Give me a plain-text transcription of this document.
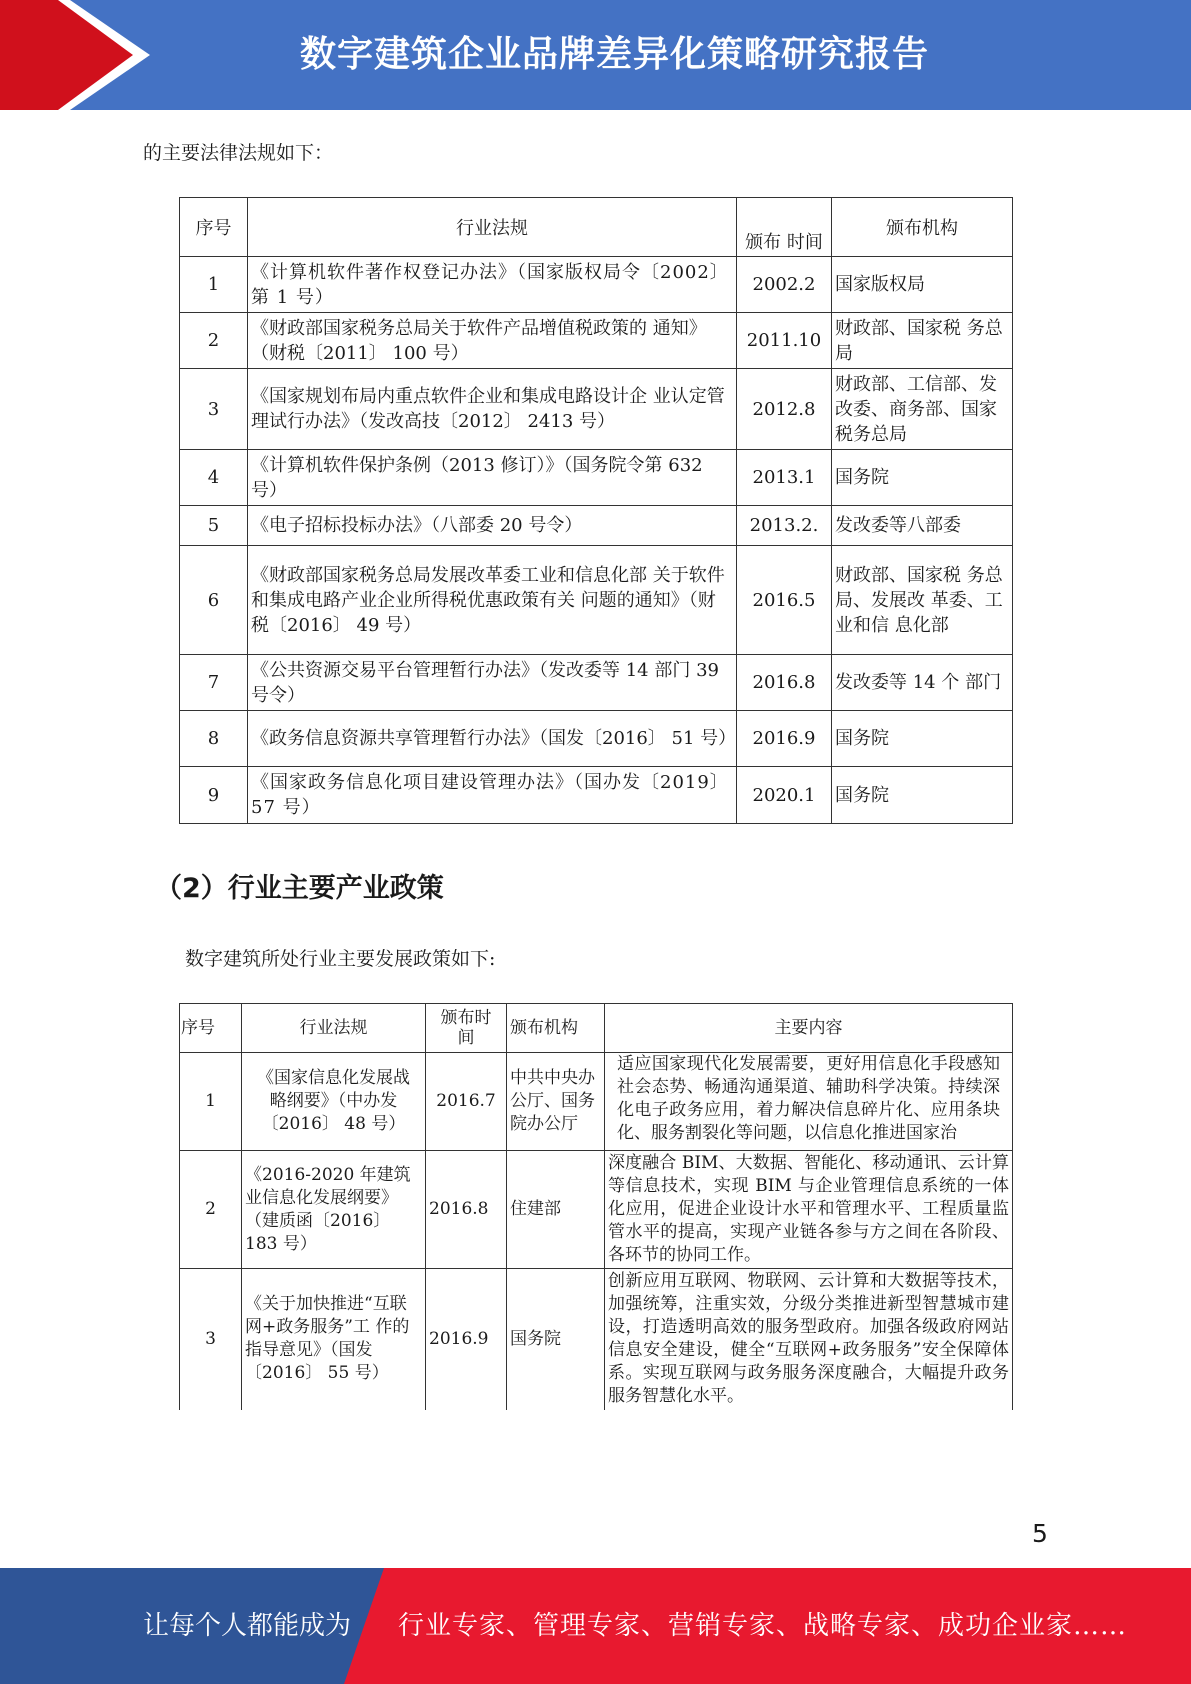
数字建筑企业品牌差异化策略研究报告
的主要法律法规如下：
序号	行业法规	颁布 时间	颁布机构
1	《计算机软件著作权登记办法》（国家版权局令〔2002〕第 1 号）	2002.2	国家版权局
2	《财政部国家税务总局关于软件产品增值税政策的 通知》（财税〔2011〕 100 号）	2011.10	财政部、国家税 务总局
3	《国家规划布局内重点软件企业和集成电路设计企 业认定管理试行办法》（发改高技〔2012〕 2413 号）	2012.8	财政部、工信部、发改委、商务部、国家税务总局
4	《计算机软件保护条例（2013 修订）》（国务院令第 632 号）	2013.1	国务院
5	《电子招标投标办法》（八部委 20 号令）	2013.2.	发改委等八部委
6	《财政部国家税务总局发展改革委工业和信息化部 关于软件和集成电路产业企业所得税优惠政策有关 问题的通知》（财税〔2016〕 49 号）	2016.5	财政部、国家税 务总局、发展改 革委、工业和信 息化部
7	《公共资源交易平台管理暂行办法》（发改委等 14 部门 39 号令）	2016.8	发改委等 14 个 部门
8	《政务信息资源共享管理暂行办法》（国发〔2016〕 51 号）	2016.9	国务院
9	《国家政务信息化项目建设管理办法》（国办发〔2019〕 57 号）	2020.1	国务院
（2）行业主要产业政策
数字建筑所处行业主要发展政策如下:
序号	行业法规	颁布时间	颁布机构	主要内容
1	《国家信息化发展战略纲要》（中办发〔2016〕 48 号）	2016.7	中共中央办公厅、国务院办公厅	适应国家现代化发展需要，更好用信息化手段感知社会态势、畅通沟通渠道、辅助科学决策。持续深化电子政务应用，着力解决信息碎片化、应用条块化、服务割裂化等问题，以信息化推进国家治
2	《2016-2020 年建筑 业信息化发展纲要》（建质函〔2016〕 183 号）	2016.8	住建部	深度融合 BIM、大数据、智能化、移动通讯、云计算等信息技术，实现 BIM 与企业管理信息系统的一体化应用，促进企业设计水平和管理水平、工程质量监管水平的提高，实现产业链各参与方之间在各阶段、各环节的协同工作。
3	《关于加快推进“互联网+政务服务”工 作的指导意见》（国发〔2016〕 55 号）	2016.9	国务院	创新应用互联网、物联网、云计算和大数据等技术，加强统筹，注重实效，分级分类推进新型智慧城市建设，打造透明高效的服务型政府。加强各级政府网站信息安全建设，健全“互联网+政务服务”安全保障体系。实现互联网与政务服务深度融合，大幅提升政务服务智慧化水平。
5
让每个人都能成为 行业专家、管理专家、营销专家、战略专家、成功企业家……
